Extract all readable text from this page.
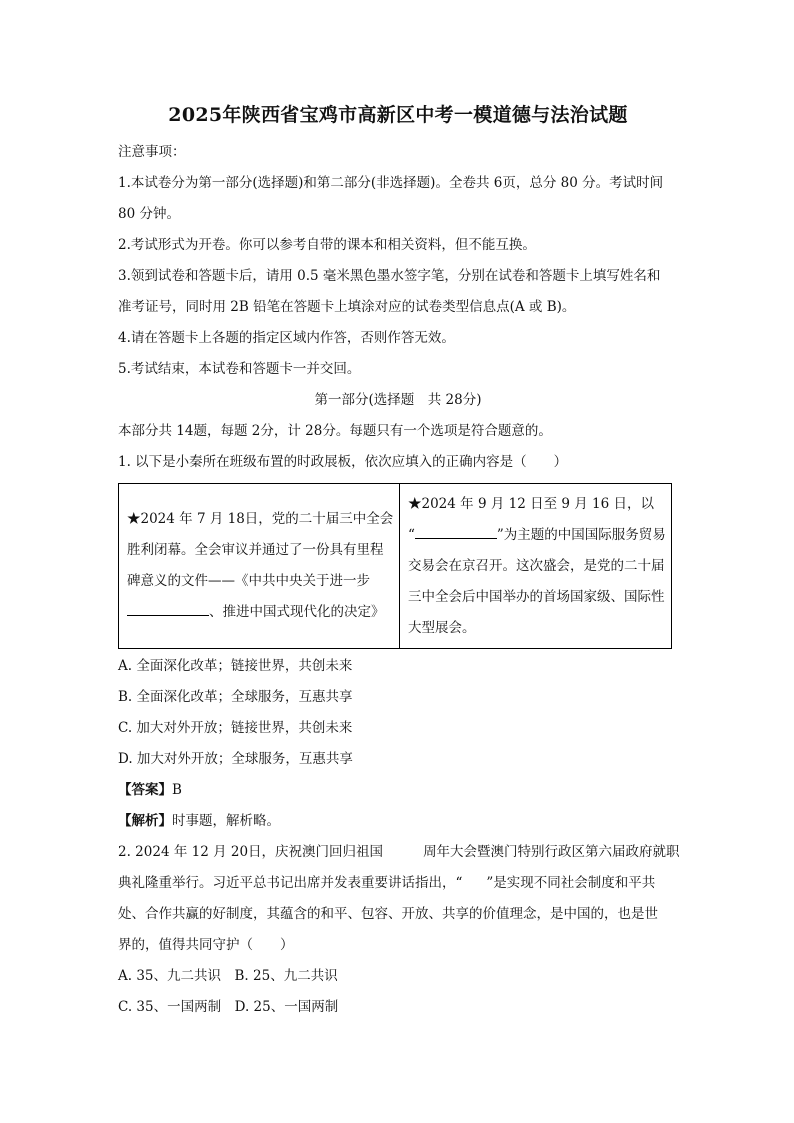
2025年陕西省宝鸡市高新区中考一模道德与法治试题

注意事项：

1.本试卷分为第一部分(选择题)和第二部分(非选择题)。全卷共 6页，总分 80 分。考试时间

80 分钟。

2.考试形式为开卷。你可以参考自带的课本和相关资料，但不能互换。

3.领到试卷和答题卡后，请用 0.5 毫米黑色墨水签字笔，分别在试卷和答题卡上填写姓名和

准考证号，同时用 2B 铅笔在答题卡上填涂对应的试卷类型信息点(A 或 B)。

4.请在答题卡上各题的指定区域内作答，否则作答无效。

5.考试结束，本试卷和答题卡一并交回。

第一部分(选择题　共 28分)

本部分共 14题，每题 2分，计 28分。每题只有一个选项是符合题意的。

1. 以下是小秦所在班级布置的时政展板，依次应填入的正确内容是（　　）

★2024 年 7 月 18日，党的二十届三中全会

胜利闭幕。全会审议并通过了一份具有里程

碑意义的文件——《中共中央关于进一步

、推进中国式现代化的决定》

★2024 年 9 月 12 日至 9 月 16 日，以

“	”为主题的中国国际服务贸易

交易会在京召开。这次盛会，是党的二十届

三中全会后中国举办的首场国家级、国际性

大型展会。

A. 全面深化改革；链接世界，共创未来

B. 全面深化改革；全球服务，互惠共享

C. 加大对外开放；链接世界，共创未来

D. 加大对外开放；全球服务，互惠共享

【答案】B

【解析】时事题，解析略。

2. 2024 年 12 月 20日，庆祝澳门回归祖国	周年大会暨澳门特别行政区第六届政府就职

典礼隆重举行。习近平总书记出席并发表重要讲话指出，“ ”是实现不同社会制度和平共

处、合作共赢的好制度，其蕴含的和平、包容、开放、共享的价值理念，是中国的，也是世

界的，值得共同守护（　　）

A. 35、九二共识　B. 25、九二共识

C. 35、一国两制　D. 25、一国两制
